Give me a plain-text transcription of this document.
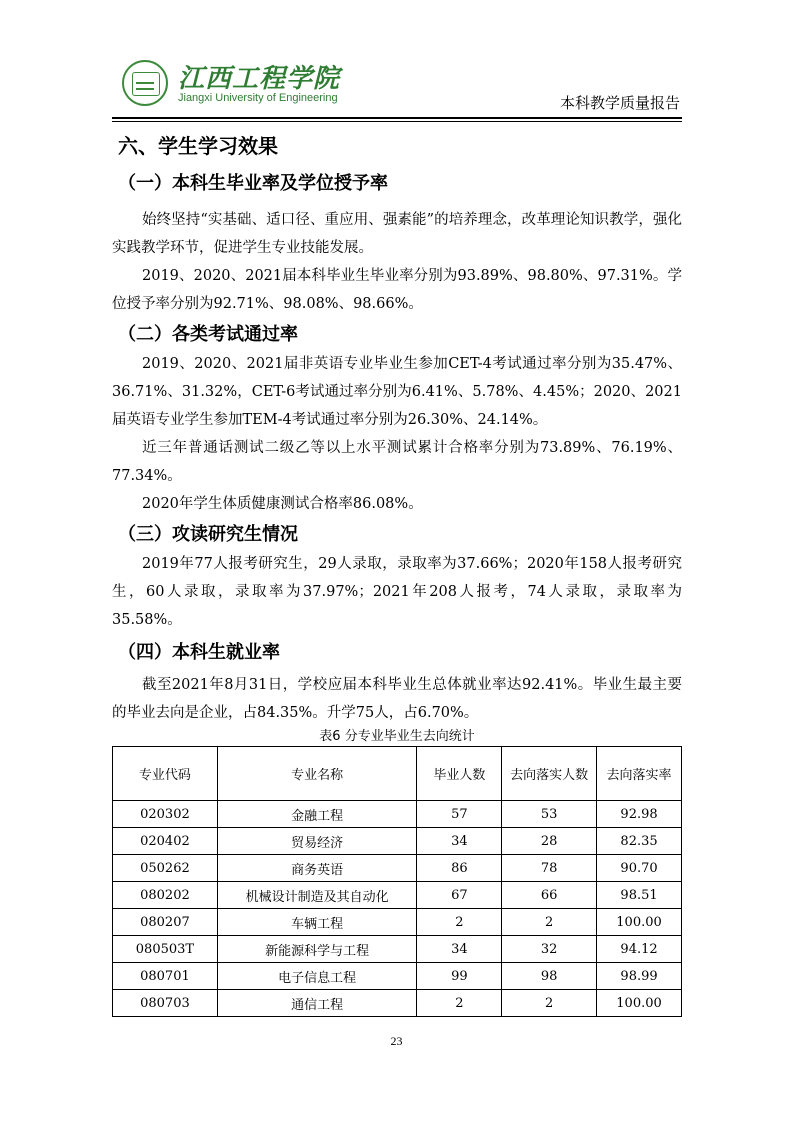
江西工程学院
Jiangxi University of Engineering	本科教学质量报告
六、学生学习效果
（一）本科生毕业率及学位授予率

始终坚持“实基础、适口径、重应用、强素能”的培养理念，改革理论知识教学，强化实践教学环节，促进学生专业技能发展。

2019、2020、2021届本科毕业生毕业率分别为93.89%、98.80%、97.31%。学位授予率分别为92.71%、98.08%、98.66%。

（二）各类考试通过率

2019、2020、2021届非英语专业毕业生参加CET-4考试通过率分别为35.47%、36.71%、31.32%，CET-6考试通过率分别为6.41%、5.78%、4.45%；2020、2021届英语专业学生参加TEM-4考试通过率分别为26.30%、24.14%。

近三年普通话测试二级乙等以上水平测试累计合格率分别为73.89%、76.19%、77.34%。

2020年学生体质健康测试合格率86.08%。

（三）攻读研究生情况

2019年77人报考研究生，29人录取，录取率为37.66%；2020年158人报考研究生，60人录取，录取率为37.97%；2021年208人报考，74人录取，录取率为35.58%。

（四）本科生就业率

截至2021年8月31日，学校应届本科毕业生总体就业率达92.41%。毕业生最主要的毕业去向是企业，占84.35%。升学75人，占6.70%。

表6 分专业毕业生去向统计
专业代码	专业名称	毕业人数	去向落实人数	去向落实率
020302	金融工程	57	53	92.98
020402	贸易经济	34	28	82.35
050262	商务英语	86	78	90.70
080202	机械设计制造及其自动化	67	66	98.51
080207	车辆工程	2	2	100.00
080503T	新能源科学与工程	34	32	94.12
080701	电子信息工程	99	98	98.99
080703	通信工程	2	2	100.00
23
